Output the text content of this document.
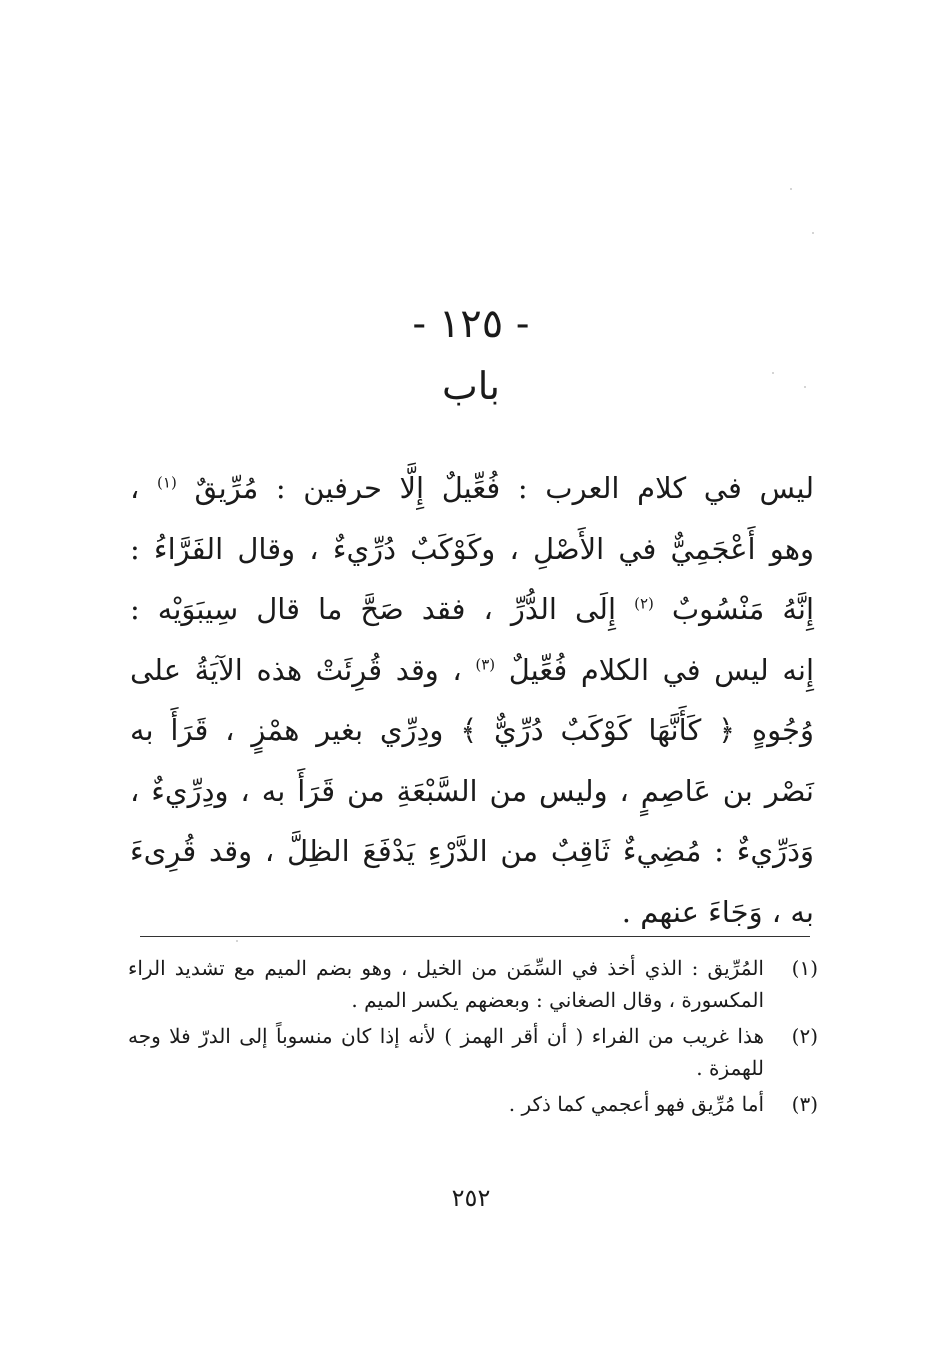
- ١٢٥ -
باب
ليس في كلام العرب : فُعِّيلٌ إِلَّا حرفين : مُرِّيقٌ $^{(١)}$ ،
وهو أَعْجَمِيٌّ في الأَصْلِ ، وكَوْكَبٌ دُرِّيءٌ ، وقال الفَرَّاءُ :
إِنَّهُ مَنْسُوبٌ $^{(٢)}$ إِلَى الدُّرِّ ، فقد صَحَّ ما قال سِيبَوَيْه :
إِنه ليس في الكلام فُعِّيلٌ $^{(٣)}$ ، وقد قُرِئَتْ هذه الآيَةُ على
وُجُوهٍ ﴿ كَأَنَّهَا كَوْكَبٌ دُرِّيٌّ ﴾ ودِرِّي بغير همْزٍ ، قَرَأَ به
نَصْر بن عَاصِمٍ ، وليس من السَّبْعَةِ من قَرَأَ به ، ودِرِّيءٌ ،
وَدَرِّيءٌ : مُضِيءٌ ثَاقِبٌ من الدَّرْءِ يَدْفَعَ الظِلَّ ، وقد قُرِىءَ
به ، وَجَاءَ عنهم .
(١)
المُرِّيق : الذي أخذ في السِّمَن من الخيل ، وهو بضم الميم مع تشديد الراء المكسورة ، وقال الصغاني : وبعضهم يكسر الميم .
(٢)
هذا غريب من الفراء ( أن أقر الهمز ) لأنه إذا كان منسوباً إلى الدرّ فلا وجه للهمزة .
(٣)
أما مُرِّيق فهو أعجمي كما ذكر .
٢٥٢
